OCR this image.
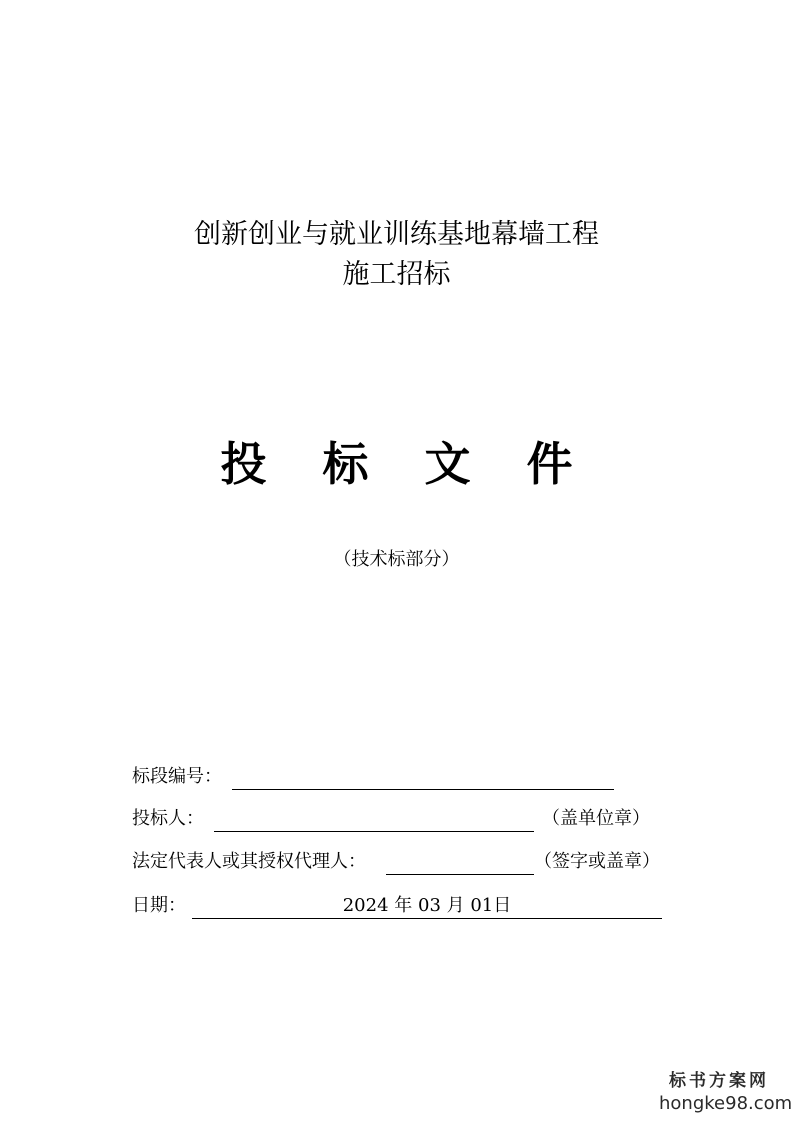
创新创业与就业训练基地幕墙工程
施工招标
投 标 文 件
（技术标部分）
标段编号：
投标人：	（盖单位章）
法定代表人或其授权代理人：	（签字或盖章）
日期：	2024 年 03 月 01日
标书方案网
hongke98.com
